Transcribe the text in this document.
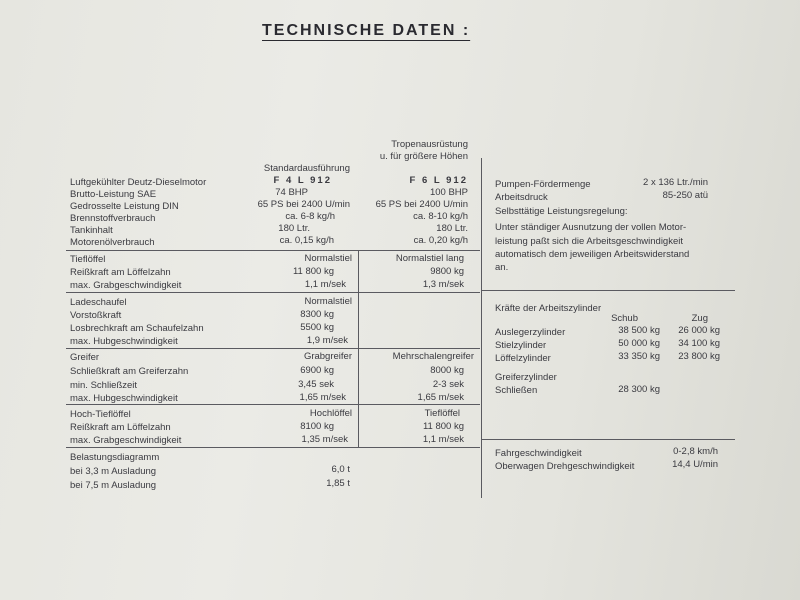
TECHNISCHE DATEN :
Standardausführung
Tropenausrüstung
u. für größere Höhen
Luftgekühlter Deutz-Dieselmotor	F 4 L 912	F 6 L 912
Brutto-Leistung SAE	74 BHP	100 BHP
Gedrosselte Leistung DIN	65 PS bei 2400 U/min	65 PS bei 2400 U/min
Brennstoffverbrauch	ca. 6-8 kg/h	ca. 8-10 kg/h
Tankinhalt	180 Ltr.	180 Ltr.
Motorenölverbrauch	ca. 0,15 kg/h	ca. 0,20 kg/h
Tieflöffel	Normalstiel	Normalstiel lang
Reißkraft am Löffelzahn	11 800 kg	9800 kg
max. Grabgeschwindigkeit	1,1 m/sek	1,3 m/sek
Ladeschaufel	Normalstiel
Vorstoßkraft	8300 kg
Losbrechkraft am Schaufelzahn	5500 kg
max. Hubgeschwindigkeit	1,9 m/sek
Greifer	Grabgreifer	Mehrschalengreifer
Schließkraft am Greiferzahn	6900 kg	8000 kg
min. Schließzeit	3,45 sek	2-3 sek
max. Hubgeschwindigkeit	1,65 m/sek	1,65 m/sek
Hoch-Tieflöffel	Hochlöffel	Tieflöffel
Reißkraft am Löffelzahn	8100 kg	11 800 kg
max. Grabgeschwindigkeit	1,35 m/sek	1,1 m/sek
Belastungsdiagramm
bei 3,3 m Ausladung	6,0 t
bei 7,5 m Ausladung	1,85 t
Pumpen-Fördermenge	2 x 136 Ltr./min
Arbeitsdruck	85-250 atü
Selbsttätige Leistungsregelung:
Unter ständiger Ausnutzung der vollen Motor-
leistung paßt sich die Arbeitsgeschwindigkeit
automatisch dem jeweiligen Arbeitswiderstand
an.
Kräfte der Arbeitszylinder
Schub	Zug
Auslegerzylinder	38 500 kg 26 000 kg
Stielzylinder	50 000 kg 34 100 kg
Löffelzylinder	33 350 kg 23 800 kg
Greiferzylinder
Schließen	28 300 kg
Fahrgeschwindigkeit	0-2,8 km/h
Oberwagen Drehgeschwindigkeit	14,4 U/min
